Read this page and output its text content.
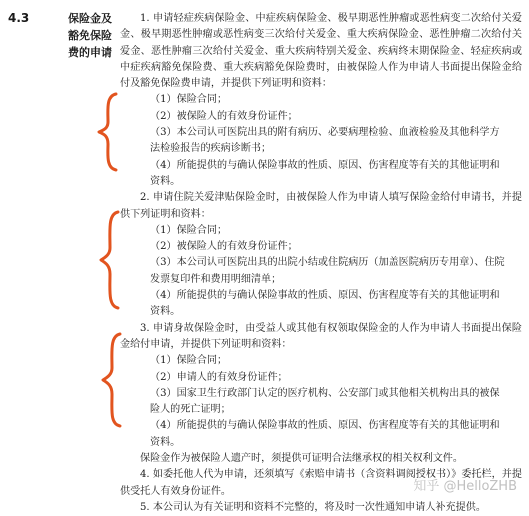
4.3	保险金及
豁免保险
费的申请

1. 申请轻症疾病保险金、中症疾病保险金、极早期恶性肿瘤或恶性病变二次给付关爱金、极早期恶性肿瘤或恶性病变三次给付关爱金、重大疾病保险金、恶性肿瘤二次给付关爱金、恶性肿瘤三次给付关爱金、重大疾病特别关爱金、疾病终末期保险金、轻症疾病或中症疾病豁免保险费、重大疾病豁免保险费时，由被保险人作为申请人书面提出保险金给付及豁免保险费申请，并提供下列证明和资料：

（1）保险合同；

（2）被保险人的有效身份证件；

（3）本公司认可医院出具的附有病历、必要病理检验、血液检验及其他科学方

法检验报告的疾病诊断书；

（4）所能提供的与确认保险事故的性质、原因、伤害程度等有关的其他证明和

资料。

2. 申请住院关爱津贴保险金时，由被保险人作为申请人填写保险金给付申请书，并提供下列证明和资料：

（1）保险合同；

（2）被保险人的有效身份证件；

（3）本公司认可医院出具的出院小结或住院病历（加盖医院病历专用章）、住院

发票复印件和费用明细清单；

（4）所能提供的与确认保险事故的性质、原因、伤害程度等有关的其他证明和

资料。

3. 申请身故保险金时，由受益人或其他有权领取保险金的人作为申请人书面提出保险金给付申请，并提供下列证明和资料：

（1）保险合同；

（2）申请人的有效身份证件；

（3）国家卫生行政部门认定的医疗机构、公安部门或其他相关机构出具的被保

险人的死亡证明；

（4）所能提供的与确认保险事故的性质、原因、伤害程度等有关的其他证明和

资料。

保险金作为被保险人遗产时，须提供可证明合法继承权的相关权利文件。

4. 如委托他人代为申请，还须填写《索赔申请书（含资料调阅授权书）》委托栏，并提供受托人有效身份证件。

5. 本公司认为有关证明和资料不完整的，将及时一次性通知申请人补充提供。

知乎 @HelloZHB
